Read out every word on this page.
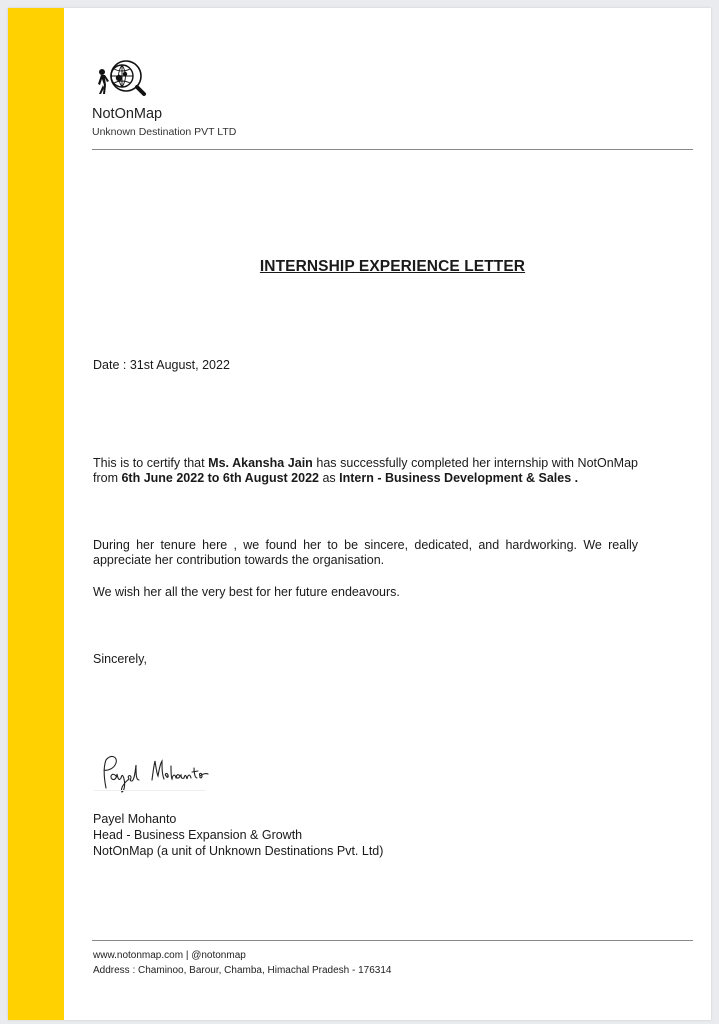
NotOnMap
Unknown Destination PVT LTD
INTERNSHIP EXPERIENCE LETTER
Date : 31st August, 2022
This is to certify that Ms. Akansha Jain has successfully completed her internship with NotOnMap from 6th June 2022 to 6th August 2022 as Intern - Business Development & Sales .
During her tenure here , we found her to be sincere, dedicated, and hardworking. We really appreciate her contribution towards the organisation.
We wish her all the very best for her future endeavours.
Sincerely,
Payel Mohanto
Head - Business Expansion & Growth
NotOnMap (a unit of Unknown Destinations Pvt. Ltd)
www.notonmap.com | @notonmap
Address : Chaminoo, Barour, Chamba, Himachal Pradesh - 176314
